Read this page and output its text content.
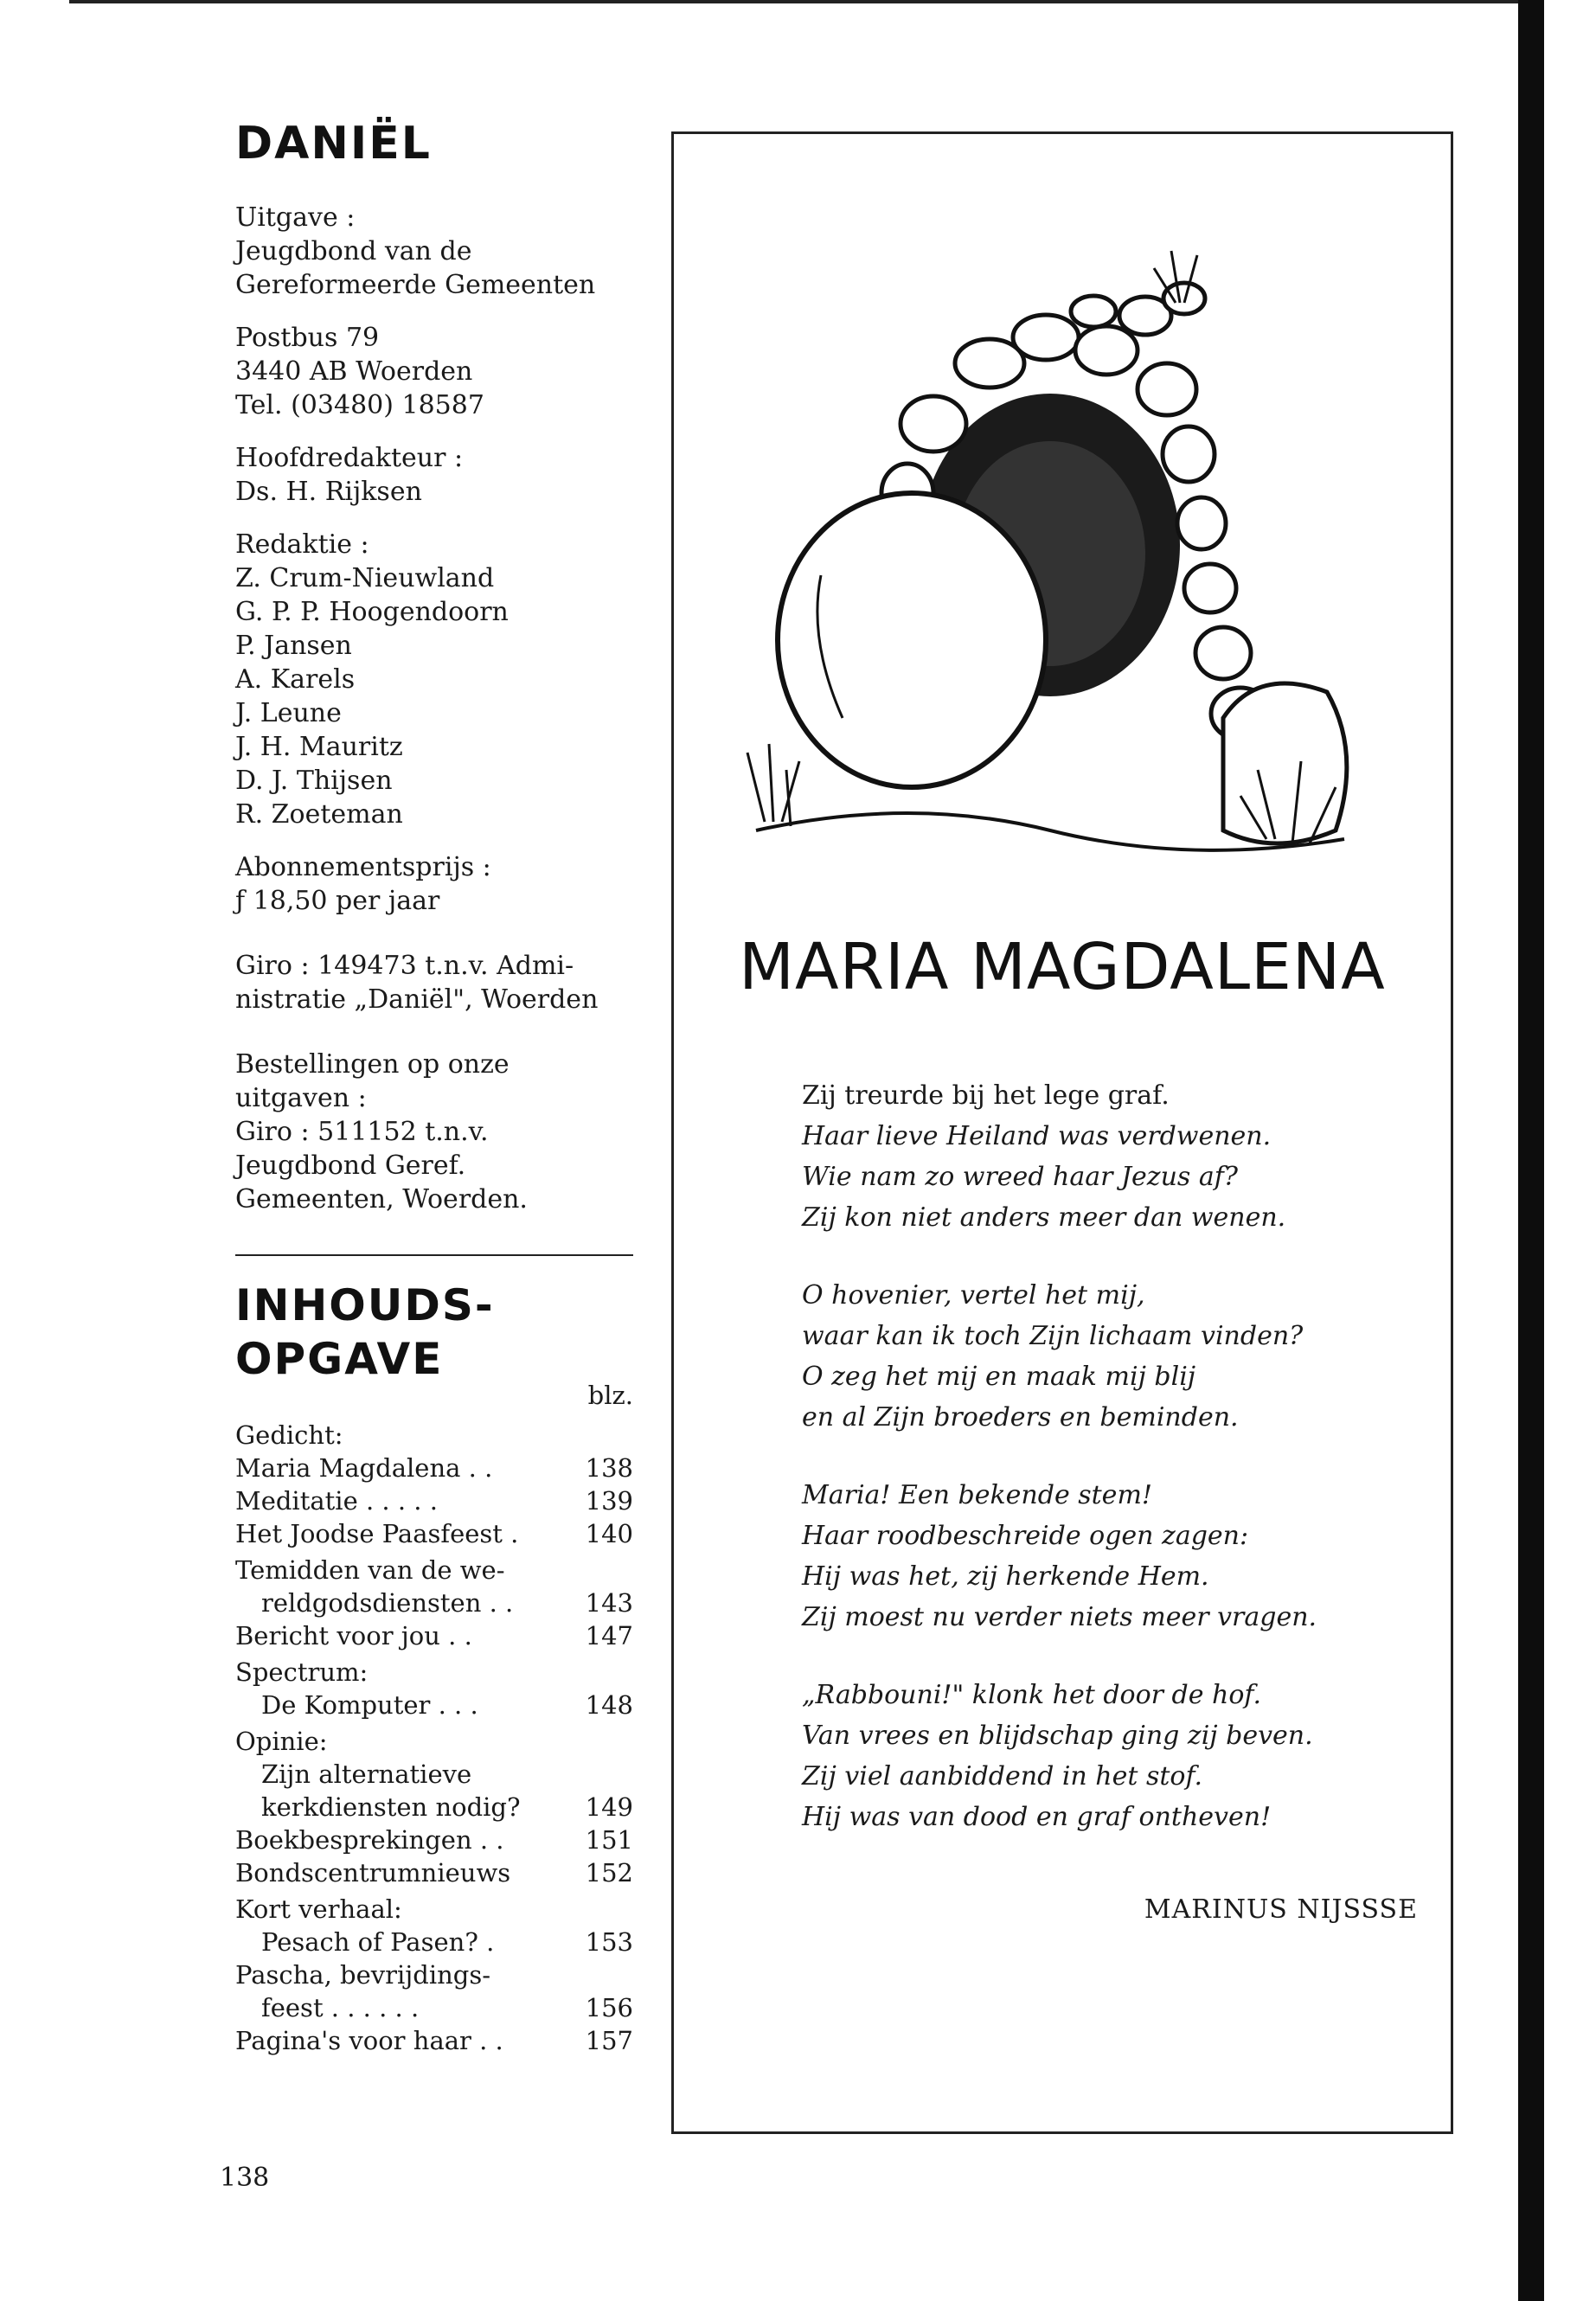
DANIËL
Uitgave :
Jeugdbond van de
Gereformeerde Gemeenten
Postbus 79
3440 AB Woerden
Tel. (03480) 18587
Hoofdredakteur :
Ds. H. Rijksen
Redaktie :
Z. Crum-Nieuwland
G. P. P. Hoogendoorn
P. Jansen
A. Karels
J. Leune
J. H. Mauritz
D. J. Thijsen
R. Zoeteman
Abonnementsprijs :
ƒ 18,50 per jaar
Giro : 149473 t.n.v. Admi-
nistratie „Daniël", Woerden
Bestellingen op onze
uitgaven :
Giro : 511152 t.n.v.
Jeugdbond Geref.
Gemeenten, Woerden.
INHOUDS-
OPGAVE
blz.
Gedicht:
Maria Magdalena . .	138
Meditatie . . . . .	139
Het Joodse Paasfeest .	140
Temidden van de we-
reldgodsdiensten . .	143
Bericht voor jou . .	147
Spectrum:
De Komputer . . .	148
Opinie:
Zijn alternatieve
kerkdiensten nodig?	149
Boekbesprekingen . .	151
Bondscentrumnieuws	152
Kort verhaal:
Pesach of Pasen? .	153
Pascha, bevrijdings-
feest . . . . . .	156
Pagina's voor haar . .	157
138
MARIA MAGDALENA
Zij treurde bij het lege graf.
Haar lieve Heiland was verdwenen.
Wie nam zo wreed haar Jezus af?
Zij kon niet anders meer dan wenen.
O hovenier, vertel het mij,
waar kan ik toch Zijn lichaam vinden?
O zeg het mij en maak mij blij
en al Zijn broeders en beminden.
Maria! Een bekende stem!
Haar roodbeschreide ogen zagen:
Hij was het, zij herkende Hem.
Zij moest nu verder niets meer vragen.
„Rabbouni!" klonk het door de hof.
Van vrees en blijdschap ging zij beven.
Zij viel aanbiddend in het stof.
Hij was van dood en graf ontheven!
MARINUS NIJSSSE
